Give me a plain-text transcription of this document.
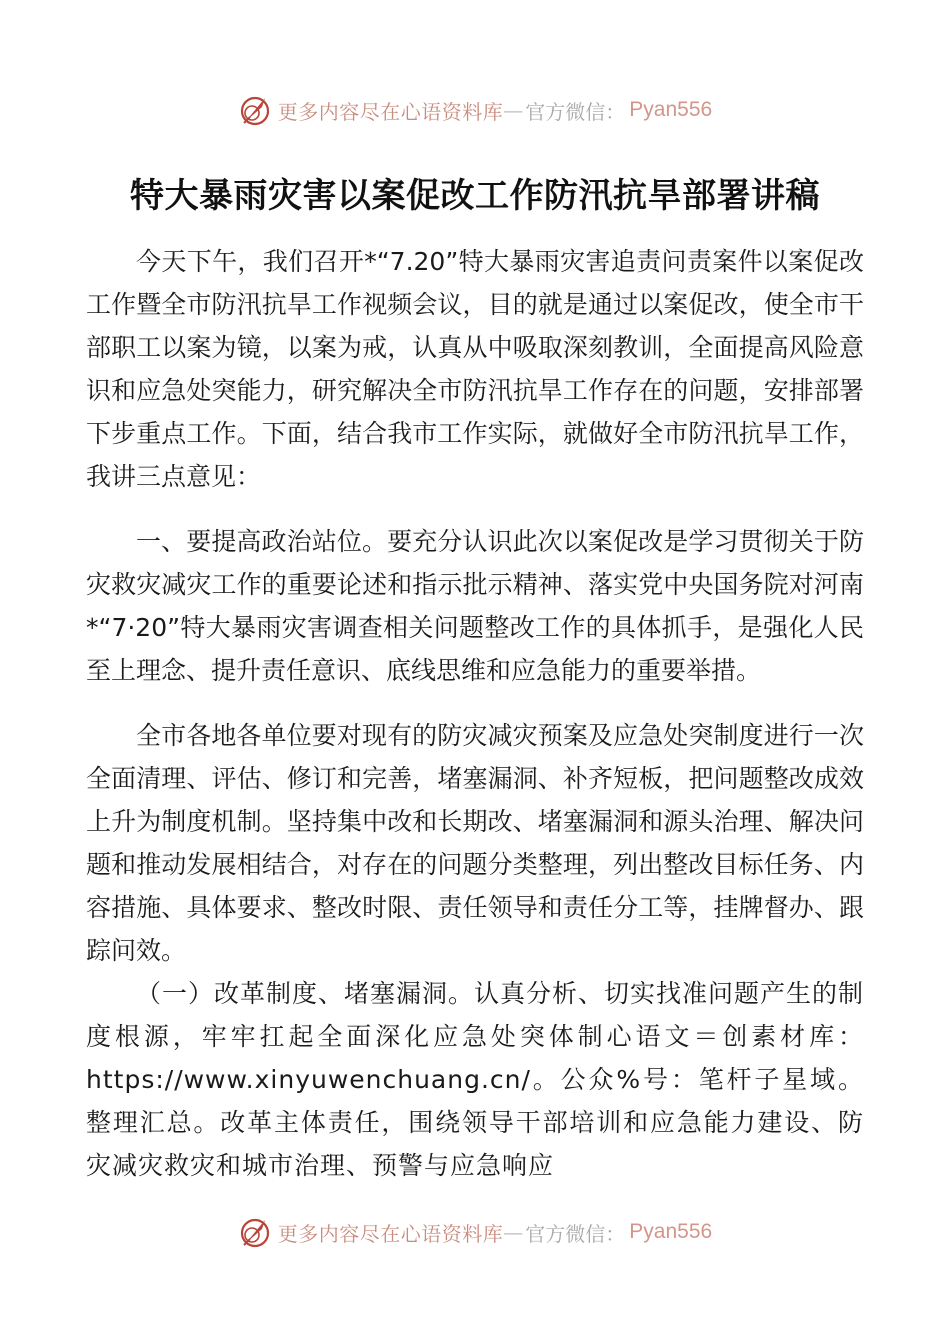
更多内容尽在心语资料库 — 官方微信： Pyan556
特大暴雨灾害以案促改工作防汛抗旱部署讲稿

今天下午，我们召开*“7.20”特大暴雨灾害追责问责案件以案促改工作暨全市防汛抗旱工作视频会议，目的就是通过以案促改，使全市干部职工以案为镜，以案为戒，认真从中吸取深刻教训，全面提高风险意识和应急处突能力，研究解决全市防汛抗旱工作存在的问题，安排部署下步重点工作。下面，结合我市工作实际，就做好全市防汛抗旱工作，我讲三点意见：

一、要提高政治站位。要充分认识此次以案促改是学习贯彻关于防灾救灾减灾工作的重要论述和指示批示精神、落实党中央国务院对河南*“7·20”特大暴雨灾害调查相关问题整改工作的具体抓手，是强化人民至上理念、提升责任意识、底线思维和应急能力的重要举措。

全市各地各单位要对现有的防灾减灾预案及应急处突制度进行一次全面清理、评估、修订和完善，堵塞漏洞、补齐短板，把问题整改成效上升为制度机制。坚持集中改和长期改、堵塞漏洞和源头治理、解决问题和推动发展相结合，对存在的问题分类整理，列出整改目标任务、内容措施、具体要求、整改时限、责任领导和责任分工等，挂牌督办、跟踪问效。

（一）改革制度、堵塞漏洞。认真分析、切实找准问题产生的制度根源，牢牢扛起全面深化应急处突体制心语文＝创素材库：https://www.xinyuwenchuang.cn/。公众%号：笔杆子星域。整理汇总。改革主体责任，围绕领导干部培训和应急能力建设、防灾减灾救灾和城市治理、预警与应急响应

更多内容尽在心语资料库 — 官方微信： Pyan556
